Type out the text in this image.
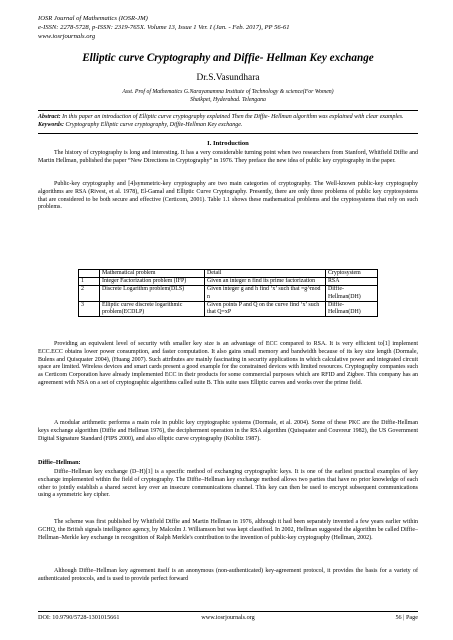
IOSR Journal of Mathematics (IOSR-JM)
e-ISSN: 2278-5728, p-ISSN: 2319-765X. Volume 13, Issue 1 Ver. I (Jan. - Feb. 2017), PP 56-61
www.iosrjournals.org
Elliptic curve Cryptography and Diffie- Hellman Key exchange
Dr.S.Vasundhara
Asst. Prof of Mathematics G.Narayanamma Institute of Technology & science(For Women)
Shaikpet, Hyderabad. Telengana
Abstract: In this paper an introduction of Elliptic curve cryptography explained Then the Diffie- Hellman algorithm was explained with clear examples.
Keywords: Cryptography Elliptic curve cryptography, Diffie-Hellman Key exchange.
I. Introduction
The history of cryptography is long and interesting. It has a very considerable turning point when two researchers from Stanford, Whitfield Diffie and Martin Hellman, published the paper “New Directions in Cryptography” in 1976. They preface the new idea of public key cryptography in the paper.
Public-key cryptography and [4]symmetric-key cryptography are two main categories of cryptography. The Well-known public-key cryptography algorithms are RSA (Rivest, et al. 1978), El-Gamal and Elliptic Curve Cryptography. Presently, there are only three problems of public key cryptosystems that are considered to be both secure and effective (Certicom, 2001). Table 1.1 shows these mathematical problems and the cryptosystems that rely on such problems.
	Mathematical problem	Detail	Cryptosystem
1	Integer Factorization problem (IFP)	Given an integer n find its prime factorization	RSA
2	Discrete Logarithm problem(DLS)	Given integer g and h find ‘x’ such that =g^mod n	Diffie-Hellman(DH)
3	Elliptic curve discrete logarithmic problem(ECDLP)	Given points P and Q on the curve find ‘x’ such that Q=xP	Diffie-Hellman(DH)
Providing an equivalent level of security with smaller key size is an advantage of ECC compared to RSA. It is very efficient to[1] implement ECC.ECC obtains lower power consumption, and faster computation. It also gains small memory and bandwidth because of its key size length (Dormale, Bulens and Quisquater 2004), (Huang 2007). Such attributes are mainly fascinating in security applications in which calculative power and integrated circuit space are limited. Wireless devices and smart cards present a good example for the constrained devices with limited resources. Cryptography companies such as Certicom Corporation have already implemented ECC in their products for some commercial purposes which are RFID and Zigbee. This company has an agreement with NSA on a set of cryptographic algorithms called suite B. This suite uses Elliptic curves and works over the prime field.
A modular arithmetic performs a main role in public key cryptographic systems (Dormale, et al. 2004). Some of these PKC are the Diffie-Hellman keys exchange algorithm (Diffie and Hellman 1976), the decipherment operation in the RSA algorithm (Quisquater and Couvreur 1982), the US Government Digital Signature Standard (FIPS 2000), and also elliptic curve cryptography (Koblitz 1987).
Diffie–Hellman:
Diffie–Hellman key exchange (D–H)[1] is a specific method of exchanging cryptographic keys. It is one of the earliest practical examples of key exchange implemented within the field of cryptography. The Diffie–Hellman key exchange method allows two parties that have no prior knowledge of each other to jointly establish a shared secret key over an insecure communications channel. This key can then be used to encrypt subsequent communications using a symmetric key cipher.
The scheme was first published by Whitfield Diffie and Martin Hellman in 1976, although it had been separately invented a few years earlier within GCHQ, the British signals intelligence agency, by Malcolm J. Williamson but was kept classified. In 2002, Hellman suggested the algorithm be called Diffie–Hellman–Merkle key exchange in recognition of Ralph Merkle's contribution to the invention of public-key cryptography (Hellman, 2002).
Although Diffie–Hellman key agreement itself is an anonymous (non-authenticated) key-agreement protocol, it provides the basis for a variety of authenticated protocols, and is used to provide perfect forward
DOI: 10.9790/5728-1301015661	www.iosrjournals.org	56 | Page
